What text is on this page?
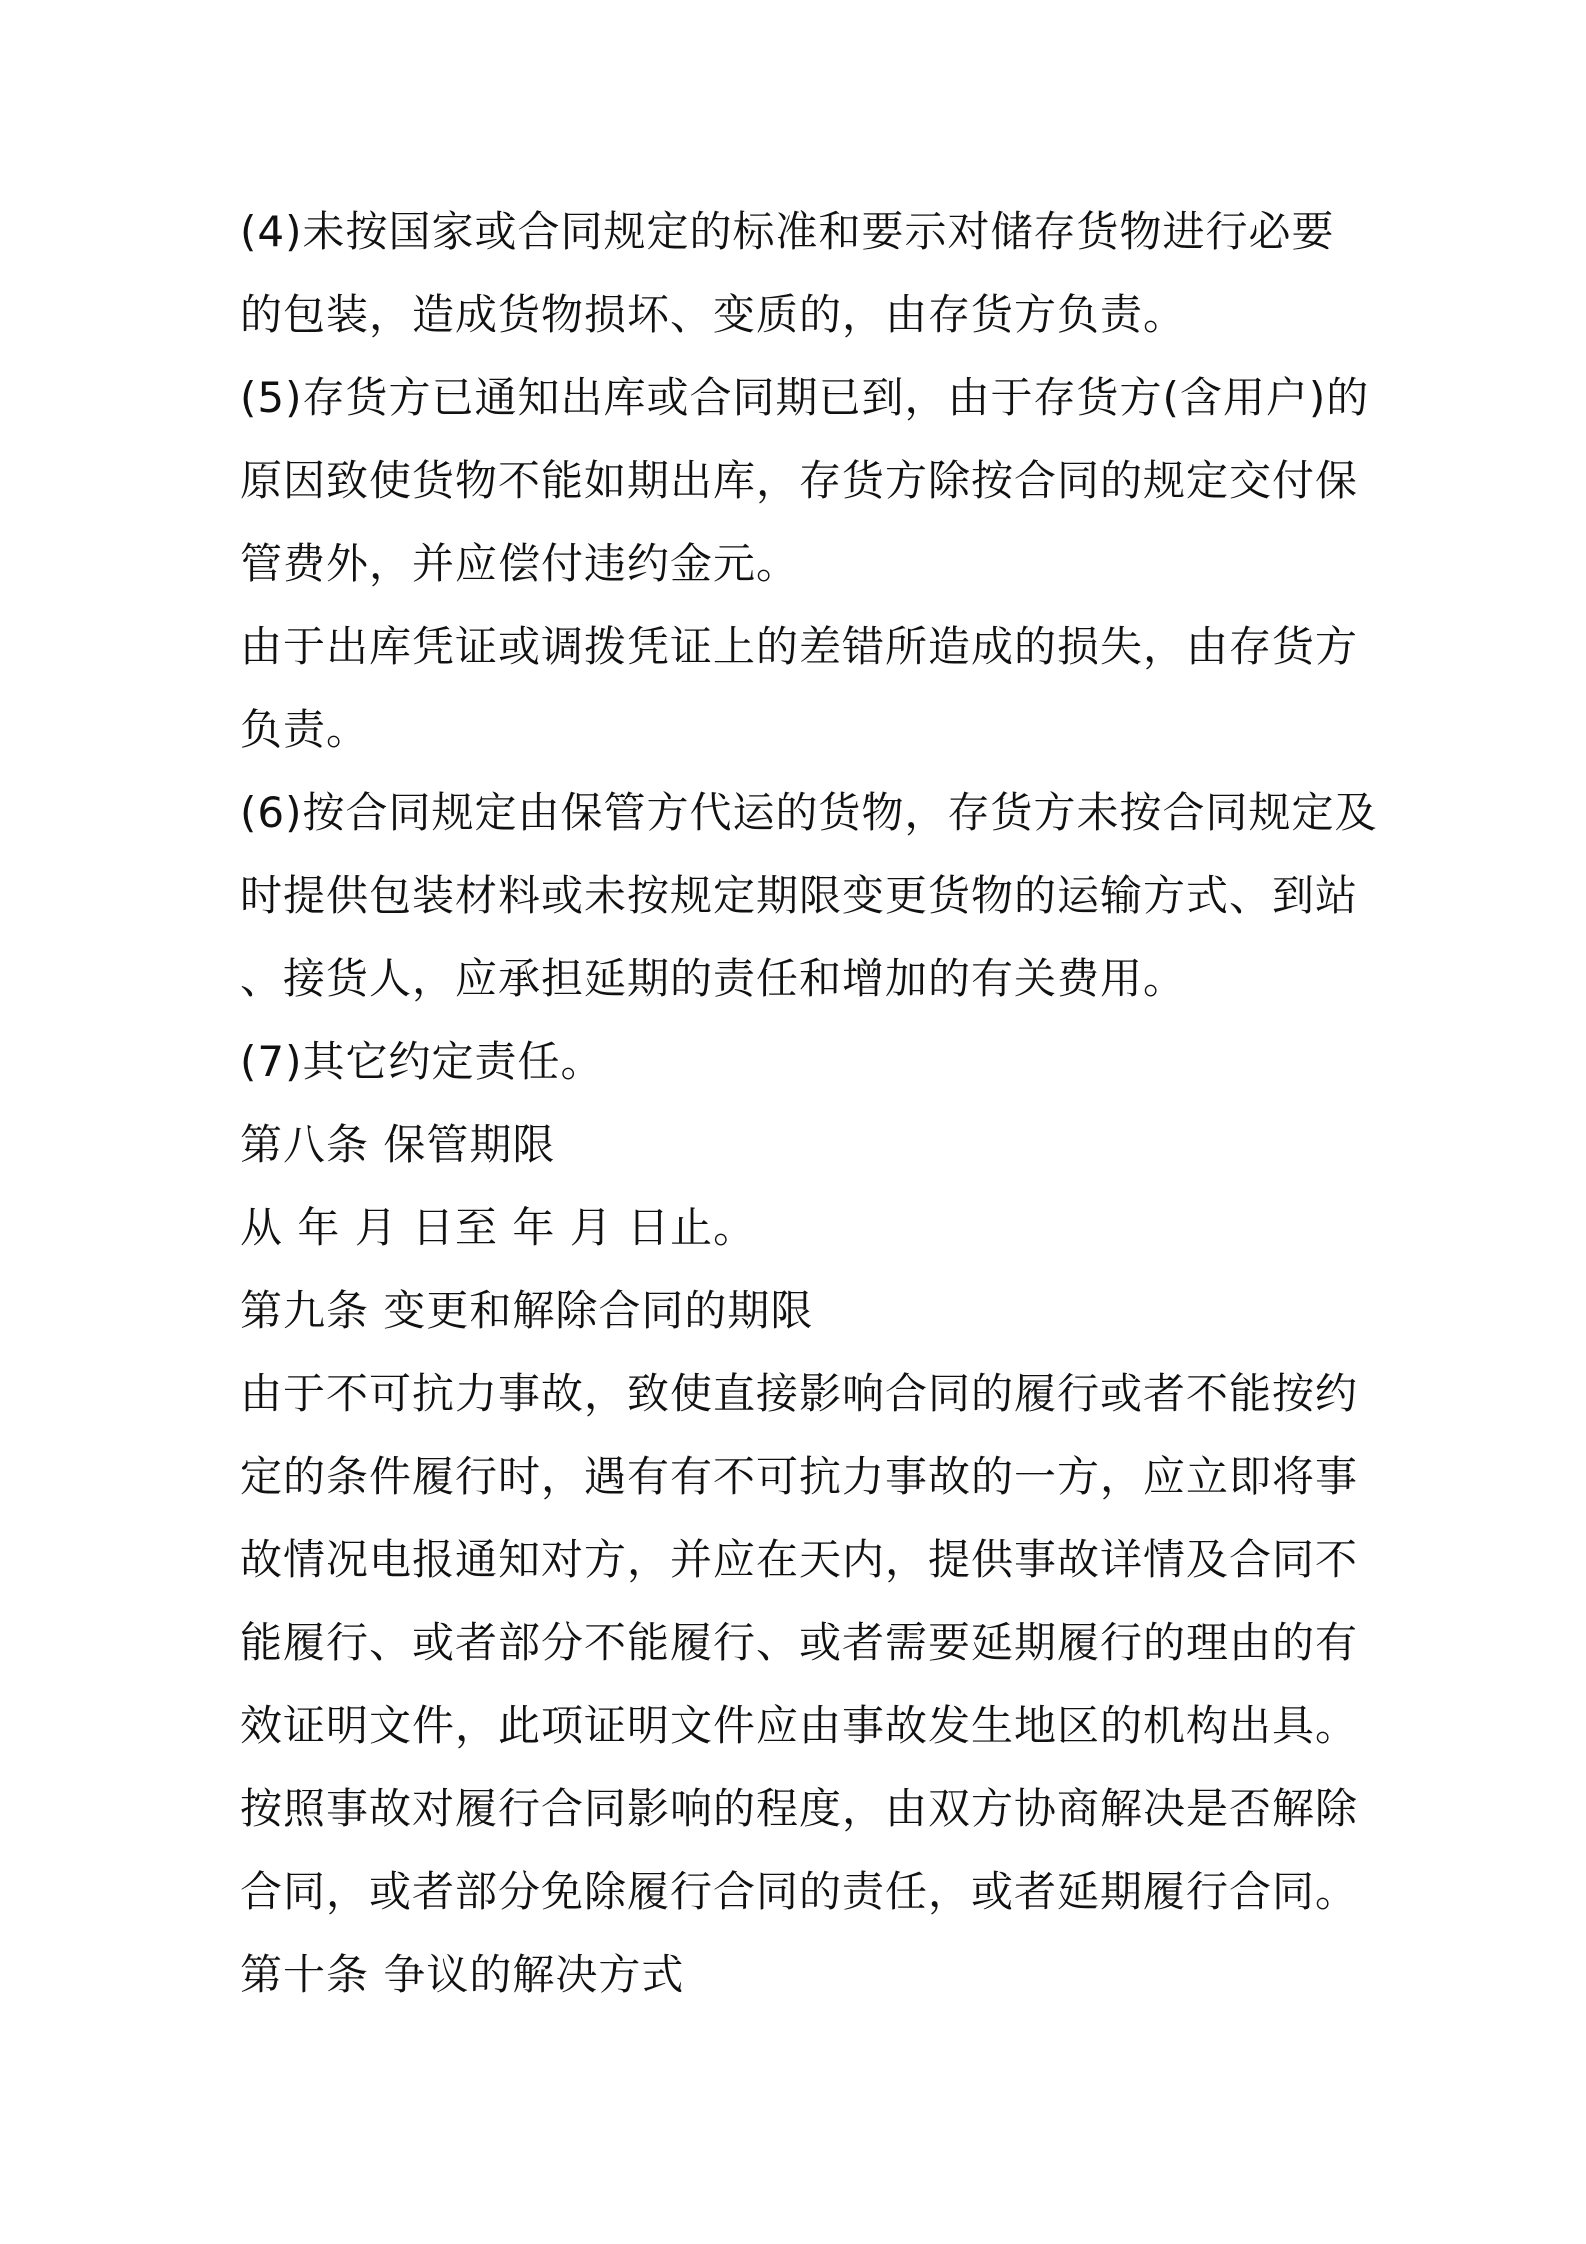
(4)未按国家或合同规定的标准和要示对储存货物进行必要
的包装，造成货物损坏、变质的，由存货方负责。
(5)存货方已通知出库或合同期已到，由于存货方(含用户)的
原因致使货物不能如期出库，存货方除按合同的规定交付保
管费外，并应偿付违约金元。
由于出库凭证或调拨凭证上的差错所造成的损失，由存货方
负责。
(6)按合同规定由保管方代运的货物，存货方未按合同规定及
时提供包装材料或未按规定期限变更货物的运输方式、到站
、接货人，应承担延期的责任和增加的有关费用。
(7)其它约定责任。
第八条 保管期限
从 年 月 日至 年 月 日止。
第九条 变更和解除合同的期限
由于不可抗力事故，致使直接影响合同的履行或者不能按约
定的条件履行时，遇有有不可抗力事故的一方，应立即将事
故情况电报通知对方，并应在天内，提供事故详情及合同不
能履行、或者部分不能履行、或者需要延期履行的理由的有
效证明文件，此项证明文件应由事故发生地区的机构出具。
按照事故对履行合同影响的程度，由双方协商解决是否解除
合同，或者部分免除履行合同的责任，或者延期履行合同。
第十条 争议的解决方式
